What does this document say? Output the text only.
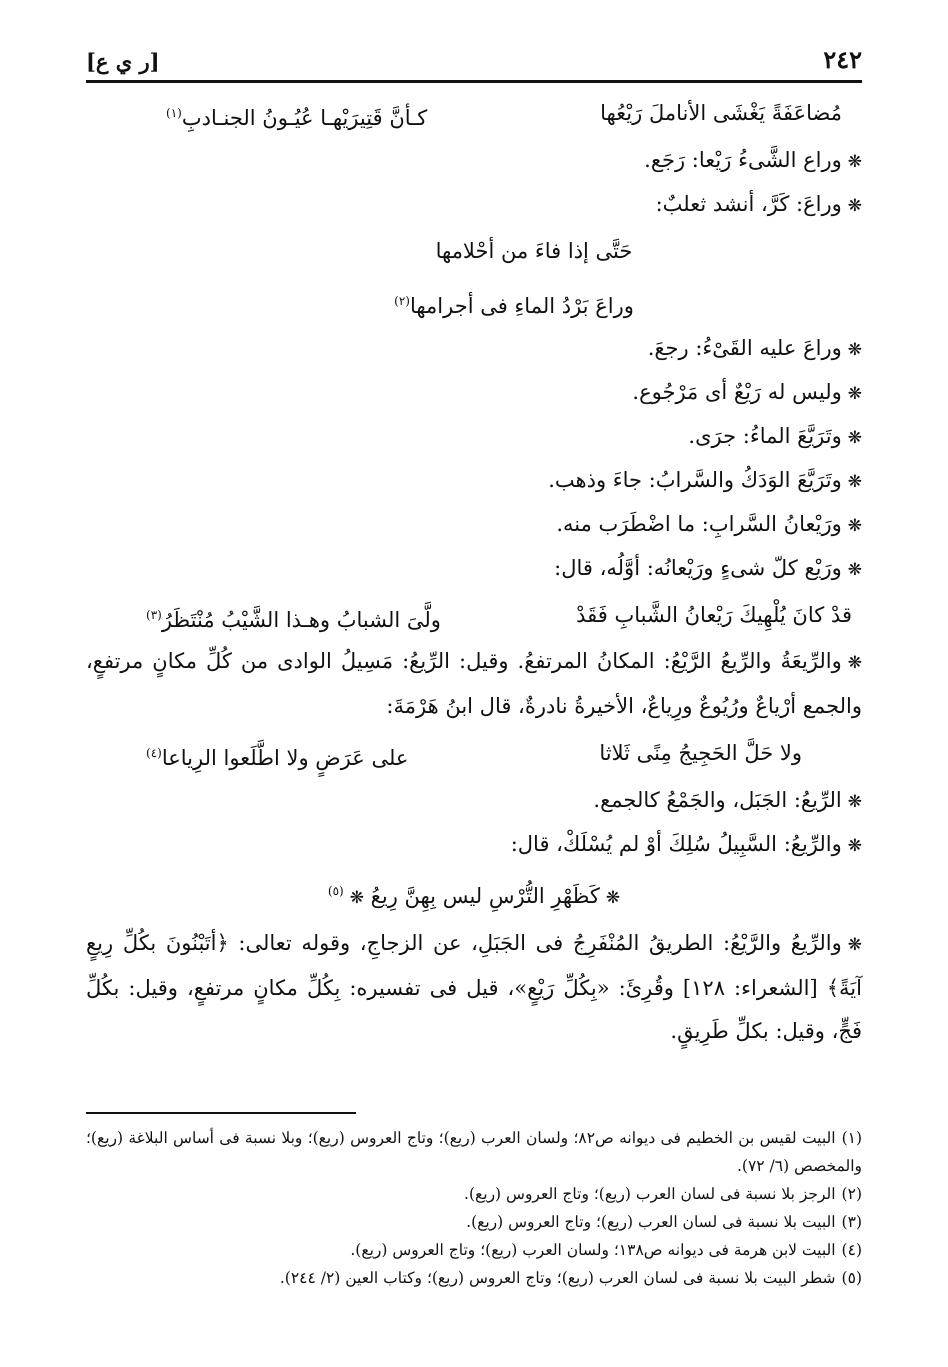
٢٤٢
[ر ي ع]
مُضاعَفَةً يَغْشَى الأناملَ رَيْعُها
كـأنَّ قَتِيرَيْهـا عُيُـونُ الجنـادبِ$^{(١)}$
❋وراع الشَّىءُ رَيْعا: رَجَع.
❋وراعَ: كَرَّ، أنشد ثعلبٌ:
حَتَّى إذا فاءَ من أحْلامها
وراعَ بَرْدُ الماءِ فى أجرامها$^{(٢)}$
❋وراعَ عليه القَىْءُ: رجعَ.
❋وليس له رَيْعٌ أى مَرْجُوع.
❋وتَرَيَّعَ الماءُ: جرَى.
❋وتَرَيَّعَ الوَدَكُ والسَّرابُ: جاءَ وذهب.
❋ورَيْعانُ السَّرابِ: ما اضْطَرَب منه.
❋ورَيْع كلّ شىءٍ ورَيْعانُه: أوَّلُه، قال:
قدْ كانَ يُلْهِيكَ رَيْعانُ الشَّبابِ فَقَدْ
ولَّىَ الشبابُ وهـذا الشَّيْبُ مُنْتَظَرُ$^{(٣)}$
❋والرِّيعَةُ والرِّيعُ الرَّيْعُ: المكانُ المرتفعُ. وقيل: الرِّيعُ: مَسِيلُ الوادى من كُلِّ مكانٍ مرتفعٍ، والجمع أرْياعٌ ورُيُوعٌ ورِياعٌ، الأخيرةُ نادرةٌ، قال ابنُ هَرْمَةَ:
ولا حَلَّ الحَجِيجُ مِنًى ثَلاثا
على عَرَضٍ ولا اطَّلَعوا الرِياعا$^{(٤)}$
❋الرِّيعُ: الجَبَل، والجَمْعُ كالجمع.
❋والرِّيعُ: السَّبِيلُ سُلِكَ أوْ لم يُسْلَكْ، قال:
❋كَظَهْرِ التُّرْسِ ليس بِهِنَّ رِيعُ ❋$^{(٥)}$
❋والرِّيعُ والرَّيْعُ: الطريقُ المُنْفَرِجُ فى الجَبَلِ، عن الزجاجِ، وقوله تعالى: ﴿أتَبْنُونَ بكُلِّ رِيعٍ آيَةً﴾ [الشعراء: ١٢٨] وقُرِئَ: «بِكُلِّ رَيْعٍ»، قيل فى تفسيره: بِكُلِّ مكانٍ مرتفعٍ، وقيل: بكُلِّ فَجٍّ، وقيل: بكلِّ طَرِيقٍ.
(١)البيت لقيس بن الخطيم فى ديوانه ص٨٢؛ ولسان العرب (ريع)؛ وتاج العروس (ريع)؛ وبلا نسبة فى أساس البلاغة (ريع)؛ والمخصص (٦/ ٧٢).
(٢)الرجز بلا نسبة فى لسان العرب (ريع)؛ وتاج العروس (ريع).
(٣)البيت بلا نسبة فى لسان العرب (ريع)؛ وتاج العروس (ريع).
(٤)البيت لابن هرمة فى ديوانه ص١٣٨؛ ولسان العرب (ريع)؛ وتاج العروس (ريع).
(٥)شطر البيت بلا نسبة فى لسان العرب (ريع)؛ وتاج العروس (ريع)؛ وكتاب العين (٢/ ٢٤٤).
